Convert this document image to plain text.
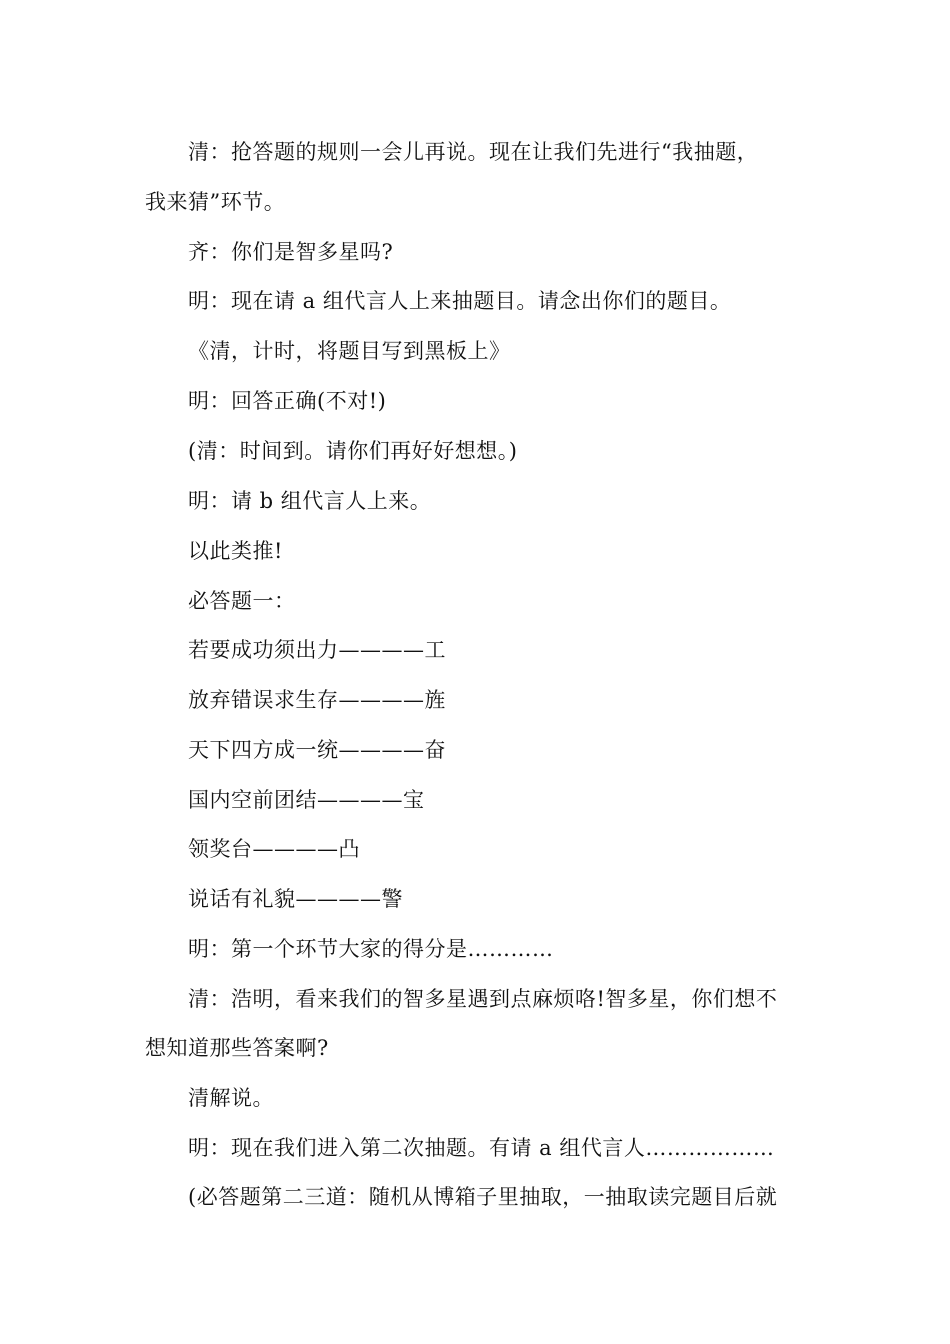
清：抢答题的规则一会儿再说。现在让我们先进行“我抽题，
我来猜”环节。
齐：你们是智多星吗?
明：现在请 a 组代言人上来抽题目。请念出你们的题目。
《清，计时，将题目写到黑板上》
明：回答正确(不对!)
(清：时间到。请你们再好好想想。)
明：请 b 组代言人上来。
以此类推!
必答题一：
若要成功须出力————工
放弃错误求生存————旌
天下四方成一统————奋
国内空前团结————宝
领奖台————凸
说话有礼貌————警
明：第一个环节大家的得分是…………
清：浩明，看来我们的智多星遇到点麻烦咯!智多星，你们想不
想知道那些答案啊?
清解说。
明：现在我们进入第二次抽题。有请 a 组代言人………………
(必答题第二三道：随机从博箱子里抽取，一抽取读完题目后就
